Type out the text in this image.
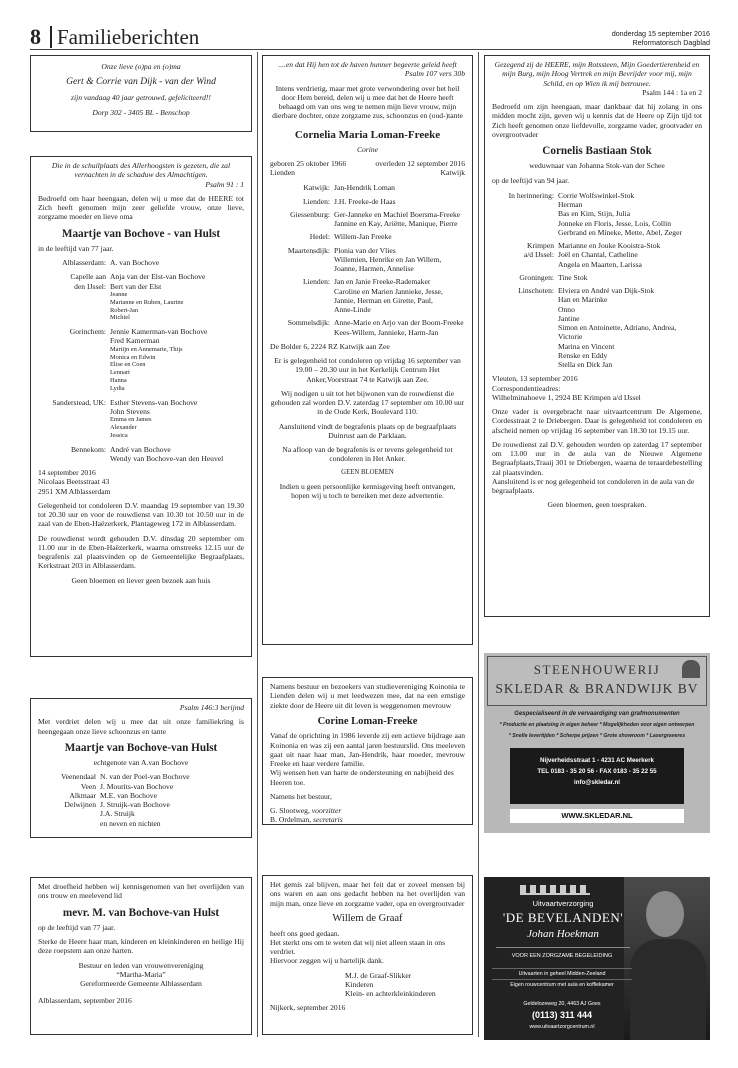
8 Familieberichten	donderdag 15 september 2016
Reformatorisch Dagblad

Onze lieve (o)pa en (o)ma

Gert & Corrie van Dijk - van der Wind

zijn vandaag 40 jaar getrouwd, gefeliciteerd!!

Dorp 302 - 3405 BL - Benschop

Die in de schuilplaats des Allerhoogsten is gezeten, die zal vernachten in de schaduw des Almachtigen.

Psalm 91 : 1

Bedroefd om haar heengaan, delen wij u mee dat de HEERE tot Zich heeft genomen mijn zeer geliefde vrouw, onze lieve, zorgzame moeder en lieve oma

Maartje van Bochove - van Hulst

in de leeftijd van 77 jaar.

Alblasserdam: A. van Bochove
Capelle aan
den IJssel:
Anja van der Elst-van Bochove
Bert van der Elst
Jeanne
Marianne en Ruben, Laurine
Robert-Jan
Michiel
Gorinchem: Jennie Kamerman-van Bochove
Fred Kamerman
Martijn en Annemarie, Thijs
Monica en Edwin
Elise en Coen
Lennart
Hanna
Lydia
Sanderstead, UK: Esther Stevens-van Bochove
John Stevens
Emma en James
Alexander
Jessica
Bennekom: André van Bochove
Wendy van Bochove-van den Heuvel

14 september 2016

Nicolaas Beetsstraat 43

2951 XM Alblasserdam

Gelegenheid tot condoleren D.V. maandag 19 september van 19.30 tot 20.30 uur en voor de rouwdienst van 10.30 tot 10.50 uur in de zaal van de Eben-Haëzerkerk, Plantageweg 172 in Alblasserdam.

De rouwdienst wordt gehouden D.V. dinsdag 20 september om 11.00 uur in de Eben-Haëzerkerk, waarna omstreeks 12.15 uur de begrafenis zal plaatsvinden op de Gemeentelijke Begraafplaats, Kerkstraat 203 in Alblasserdam.

Geen bloemen en liever geen bezoek aan huis

Psalm 146:3 berijmd

Met verdriet delen wij u mee dat uit onze familiekring is heengegaan onze lieve schoonzus en tante

Maartje van Bochove-van Hulst

echtgenote van A.van Bochove

Veenendaal N. van der Poel-van Bochove
Veen J. Mourits-van Bochove
Alkmaar M.E. van Bochove
Delwijnen J. Struijk-van Bochove
J.A. Struijk
en neven en nichten

Met droefheid hebben wij kennisgenomen van het overlijden van ons trouw en meelevend lid

mevr. M. van Bochove-van Hulst

op de leeftijd van 77 jaar.

Sterke de Heere haar man, kinderen en kleinkinderen en heilige Hij deze roepstem aan onze harten.

Bestuur en leden van vrouwenvereniging

“Martha-Maria”

Gereformeerde Gemeente Alblasserdam

Alblasserdam, september 2016

....en dat Hij hen tot de haven hunner begeerte geleid heeft

Psalm 107 vers 30b

Intens verdrietig, maar met grote verwondering over het heil door Hem bereid, delen wij u mee dat het de Heere heeft behaagd om van ons weg te nemen mijn lieve vrouw, mijn dierbare dochter, onze zorgzame zus, schoonzus en (oud-)tante

Cornelia Maria Loman-Freeke

Corine

geboren 25 oktober 1966	overleden 12 september 2016
Lienden	Katwijk
Katwijk: Jan-Hendrik Loman
Lienden: J.H. Freeke-de Haas
Giessenburg: Ger-Janneke en Machiel Boersma-Freeke
Jannine en Kay, Ariëtte, Manique, Pierre
Hedel: Willem-Jan Freeke
Maartensdijk: Plonia van der Vlies
Willemien, Henrike en Jan Willem,
Joanne, Harmen, Annelise
Lienden: Jan en Janie Freeke-Rademaker
Caroline en Marien Jannieke, Jesse,
Jannie, Herman en Girette, Paul,
Anne-Linde
Sommelsdijk: Anne-Marie en Arjo van der Boom-Freeke
Kees-Willem, Jannieke, Harm-Jan

De Bolder 6, 2224 RZ Katwijk aan Zee

Er is gelegenheid tot condoleren op vrijdag 16 september van 19.00 – 20.30 uur in het Kerkelijk Centrum Het Anker,Voorstraat 74 te Katwijk aan Zee.

Wij nodigen u uit tot het bijwonen van de rouwdienst die gehouden zal worden D.V. zaterdag 17 september om 10.00 uur in de Oude Kerk, Boulevard 110.

Aansluitend vindt de begrafenis plaats op de begraafplaats Duinrust aan de Parklaan.

Na afloop van de begrafenis is er tevens gelegenheid tot condoleren in Het Anker.

GEEN BLOEMEN

Indien u geen persoonlijke kennisgeving heeft ontvangen, hopen wij u toch te bereiken met deze advertentie.

Namens bestuur en bezoekers van studievereniging Koinonia te Lienden delen wij u met leedwezen mee, dat na een ernstige ziekte door de Heere uit dit leven is weggenomen mevrouw

Corine Loman-Freeke

Vanaf de oprichting in 1986 leverde zij een actieve bijdrage aan Koinonia en was zij een aantal jaren bestuurslid. Ons meeleven gaat uit naar haar man, Jan-Hendrik, haar moeder, mevrouw Freeke en haar verdere familie.

Wij wensen hen van harte de ondersteuning en nabijheid des Heeren toe.

Namens het bestuur,

G. Slootweg, voorzitter

B. Ordelman, secretaris

Het gemis zal blijven, maar het feit dat er zoveel mensen bij ons waren en aan ons gedacht hebben na het overlijden van mijn man, onze lieve en zorgzame vader, opa en overgrootvader

Willem de Graaf

heeft ons goed gedaan.

Het sterkt ons om te weten dat wij niet alleen staan in ons verdriet.

Hiervoor zeggen wij u hartelijk dank.

M.J. de Graaf-Slikker

Kinderen

Klein- en achterkleinkinderen

Nijkerk, september 2016

Gezegend zij de HEERE, mijn Rotssteen, Mijn Goedertierenheid en mijn Burg, mijn Hoog Vertrek en mijn Bevrijder voor mij, mijn Schild, en op Wien ik mij betrouwe.

Psalm 144 : 1a en 2

Bedroefd om zijn heengaan, maar dankbaar dat hij zolang in ons midden mocht zijn, geven wij u kennis dat de Heere op Zijn tijd tot Zich heeft genomen onze liefdevolle, zorgzame vader, grootvader en overgrootvader

Cornelis Bastiaan Stok

weduwnaar van Johanna Stok-van der Schee

op de leeftijd van 94 jaar.

In herinnering: Corrie Wolfswinkel-Stok
Herman
Bas en Kim, Stijn, Julia
Jonneke en Floris, Jesse, Lois, Collin
Gerbrand en Mineke, Mette, Abel, Zeger
Krimpen
a/d IJssel:
Marianne en Jouke Kooistra-Stok
Joël en Chantal, Catheline
Angela en Maarten, Larissa
Groningen: Tine Stok
Linschoten: Elviera en André van Dijk-Stok
Han en Marinke
Onno
Jantine
Simon en Antoinette, Adriano, Andrea, Victorie
Marina en Vincent
Renske en Eddy
Stella en Dirk Jan

Vleuten, 13 september 2016

Correspondentieadres:

Wilhelminahoeve 1, 2924 BE Krimpen a/d IJssel

Onze vader is overgebracht naar uitvaartcentrum De Algemene, Cordesstraat 2 te Driebergen. Daar is gelegenheid tot condoleren en afscheid nemen op vrijdag 16 september van 18.30 tot 19.15 uur.

De rouwdienst zal D.V. gehouden worden op zaterdag 17 september om 13.00 uur in de aula van de Nieuwe Algemene Begraafplaats,Traaij 301 te Driebergen, waarna de teraardebestelling zal plaatsvinden.

Aansluitend is er nog gelegenheid tot condoleren in de aula van de begraafplaats.

Geen bloemen, geen toespraken.

STEENHOUWERIJ
SKLEDAR & BRANDWIJK BV
Gespecialiseerd in de vervaardiging van grafmonumenten
* Productie en plaatsing in eigen beheer * Mogelijkheden voor eigen ontwerpen
* Snelle levertijden * Scherpe prijzen * Grote showroom * Lasergraveres
Nijverheidsstraat 1 - 4231 AC Meerkerk
TEL 0183 - 35 20 56 - FAX 0183 - 35 22 55
info@skledar.nl
WWW.SKLEDAR.NL
Uitvaartverzorging
'DE BEVELANDEN'
Johan Hoekman
VOOR EEN ZORGZAME BEGELEIDING
Uitvaarten in geheel Midden-Zeeland
Eigen rouwcentrum met aula en koffiekamer
Geldelozeweg 20, 4463 AJ Goes
(0113) 311 444
www.uitvaartzorgcentrum.nl
